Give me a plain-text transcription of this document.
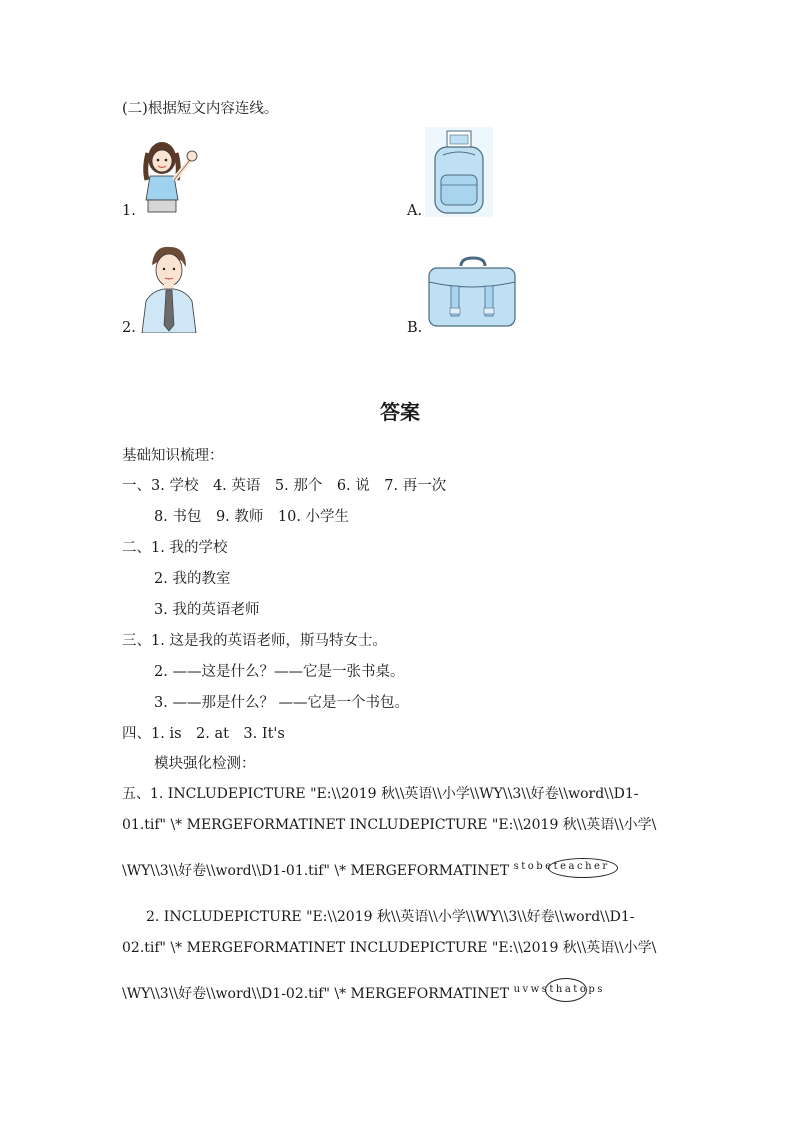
(二)根据短文内容连线。
1.	A.
2.	B.
答案
基础知识梳理：
一、3. 学校　4. 英语　5. 那个　6. 说　7. 再一次
8. 书包　9. 教师　10. 小学生
二、1. 我的学校
2. 我的教室
3. 我的英语老师
三、1. 这是我的英语老师，斯马特女士。
2. ——这是什么？——它是一张书桌。
3. ——那是什么？ ——它是一个书包。
四、1. is　2. at　3. It's
模块强化检测：
五、1. INCLUDEPICTURE "E:\\2019 秋\\英语\\小学\\WY\\3\\好卷\\word\\D1-
01.tif" \* MERGEFORMATINET INCLUDEPICTURE "E:\\2019 秋\\英语\\小学\
\WY\\3\\好卷\\word\\D1-01.tif" \* MERGEFORMATINET $^{stobe}$teacher
2. INCLUDEPICTURE "E:\\2019 秋\\英语\\小学\\WY\\3\\好卷\\word\\D1-
02.tif" \* MERGEFORMATINET INCLUDEPICTURE "E:\\2019 秋\\英语\\小学\
\WY\\3\\好卷\\word\\D1-02.tif" \* MERGEFORMATINET $^{uvws}$that
$^{ops}$
